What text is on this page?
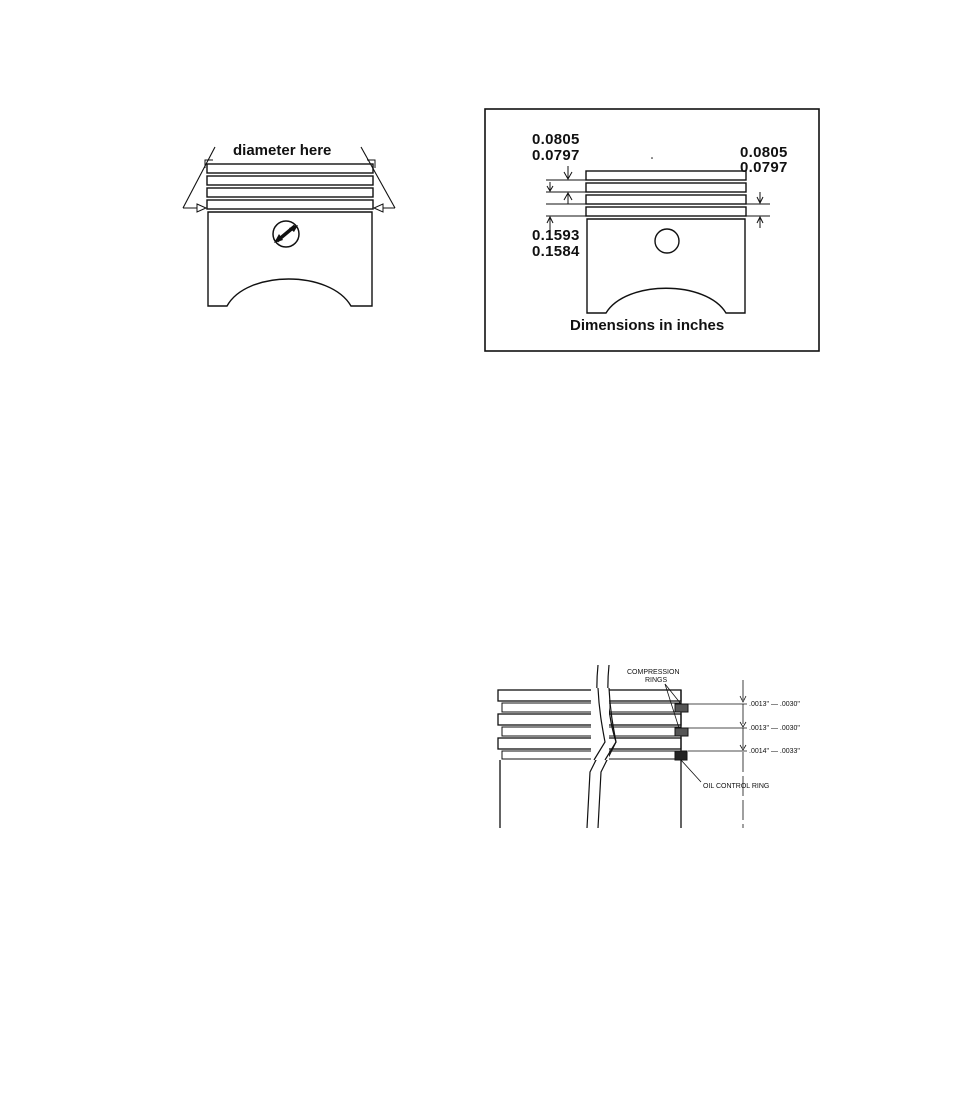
diameter here
0.0805
0.0797	0.0805
0.0797
0.1593
0.1584
Dimensions in inches
COMPRESSION
RINGS
.0013" — .0030"
.0013" — .0030"
.0014" — .0033"
OIL CONTROL RING
